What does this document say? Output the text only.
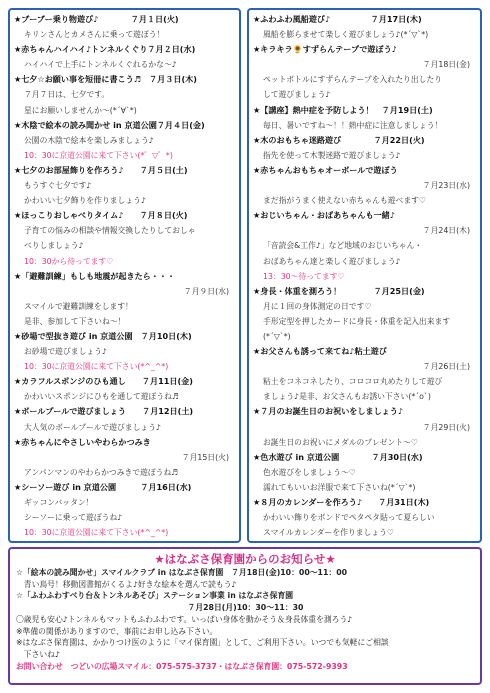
★ブーブー乗り物遊び♪　　　　７月１日(火)
キリンさんとカメさんに乗って遊ぼう！
★赤ちゃんハイハイ♪トンネルくぐり７月２日(水)
ハイハイで上手にトンネルくぐれるかな〜♪
★七夕☆お願い事を短冊に書こう♬　７月３日(木)
７月７日は、七夕です。
星にお願いしませんか〜(*´∀`*)
★木陰で絵本の読み聞かせ in 京道公園７月４日(金)
公園の木陰で絵本を楽しみましょう♪
10：30に京道公園に来て下さい(*゜▽゜*)
★七夕のお部屋飾りを作ろう♪　　７月５日(土)
もうすぐ七夕です♪
かわいい七夕飾りを作りましょう♪
★ほっこりおしゃべりタイム♪　　７月８日(火)
子育ての悩みの相談や情報交換したりしておしゃ
べりしましょう♪
10：30から待ってます♡
★「避難訓練」もしも地震が起きたら・・・
７月９日(水)
スマイルで避難訓練をします！
是非、参加して下さいね〜！
★砂場で型抜き遊び in 京道公園　７月10日(木)
お砂場で遊びましょう♪
10：30に京道公園に来て下さい(*^_^*)
★カラフルスポンジのひも通し　　７月11日(金)
かわいいスポンジにひもを通して遊ぼうね♬
★ボールプールで遊びましょう　　７月12日(土)
大人気のボールプールで遊びましょう♪
★赤ちゃんにやさしいやわらかつみき
７月15日(火)
アンパンマンのやわらかつみきで遊ぼうね♬
★シーソー遊び in 京道公園　　　７月16日(水)
ギッコンバッタン！
シーソーに乗って遊ぼうね♪
10：30に京道公園に来て下さい(*^_^*)
★ふわふわ風船遊び♪　　　　　７月17日(木)
風船を膨らませて楽しく遊びましょう♪(*´▽`*)
★キラキラ🌻すずらんテープで遊ぼう♪
７月18日(金)
ペットボトルにすずらんテープを入れたり出したり
して遊びましょう♪
★【講座】熱中症を予防しよう！　７月19日(土)
毎日、暑いですね〜！！熱中症に注意しましょう！
★木のおもちゃ迷路遊び　　　　７月22日(火)
指先を使って木製迷路で遊びましょう♪
★赤ちゃんおもちゃオーボールで遊ぼう
７月23日(水)
まだ指がうまく使えない赤ちゃんも遊べます♡
★おじいちゃん・おばあちゃんも一緒♪
７月24日(木)
「音読会&工作♪」など地域のおじいちゃん・
おばあちゃん達と楽しく遊びましょう♪
13：30〜待ってます♡
★身長・体重を測ろう！　　　　７月25日(金)
月に１回の身体測定の日です♡
手形定型を押したカードに身長・体重を記入出来ます
(*´▽`*)
★お父さんも誘って来てね♪粘土遊び
７月26日(土)
粘土をコネコネしたり、コロコロ丸めたりして遊び
ましょう♪是非、お父さんもお誘い下さい(*´o`)
★７月のお誕生日のお祝いをしましょう♪
７月29日(火)
お誕生日のお祝いにメダルのプレゼント〜♡
★色水遊び in 京道公園　　　　７月30日(水)
色水遊びをしましょう〜♡
濡れてもいいお洋服で来て下さいね(*´▽`*)
★８月のカレンダーを作ろう♪　　７月31日(木)
かわいい飾りをボンドでペタペタ貼って夏らしい
スマイルカレンダーを作りましょう♡
★はなぶさ保育園からのお知らせ★
☆「絵本の読み聞かせ」スマイルクラブ in はなぶさ保育園　７月18日(金)10：00〜11：00
　青い鳥号！移動図書館がくるよ♪好きな絵本を選んで読もう♪
☆「ふわふわすべり台＆トンネルあそび」ステーション事業 in はなぶさ保育園
　　　　　　　　　　　　　　　　　　　　　　７月28日(月)10：30〜11：30
〇歳児も安心♪トンネルもマットもふわふわです。いっぱい身体を動かそう＆身長体重を測ろう♪
※準備の関係がありますので、事前にお申し込み下さい。
※はなぶさ保育園は、かかりつけ医のように「マイ保育園」として、ご利用下さい。いつでも気軽にご相談
　下さいね♪
お問い合わせ　つどいの広場スマイル：075-575-3737・はなぶさ保育園：075-572-9393
